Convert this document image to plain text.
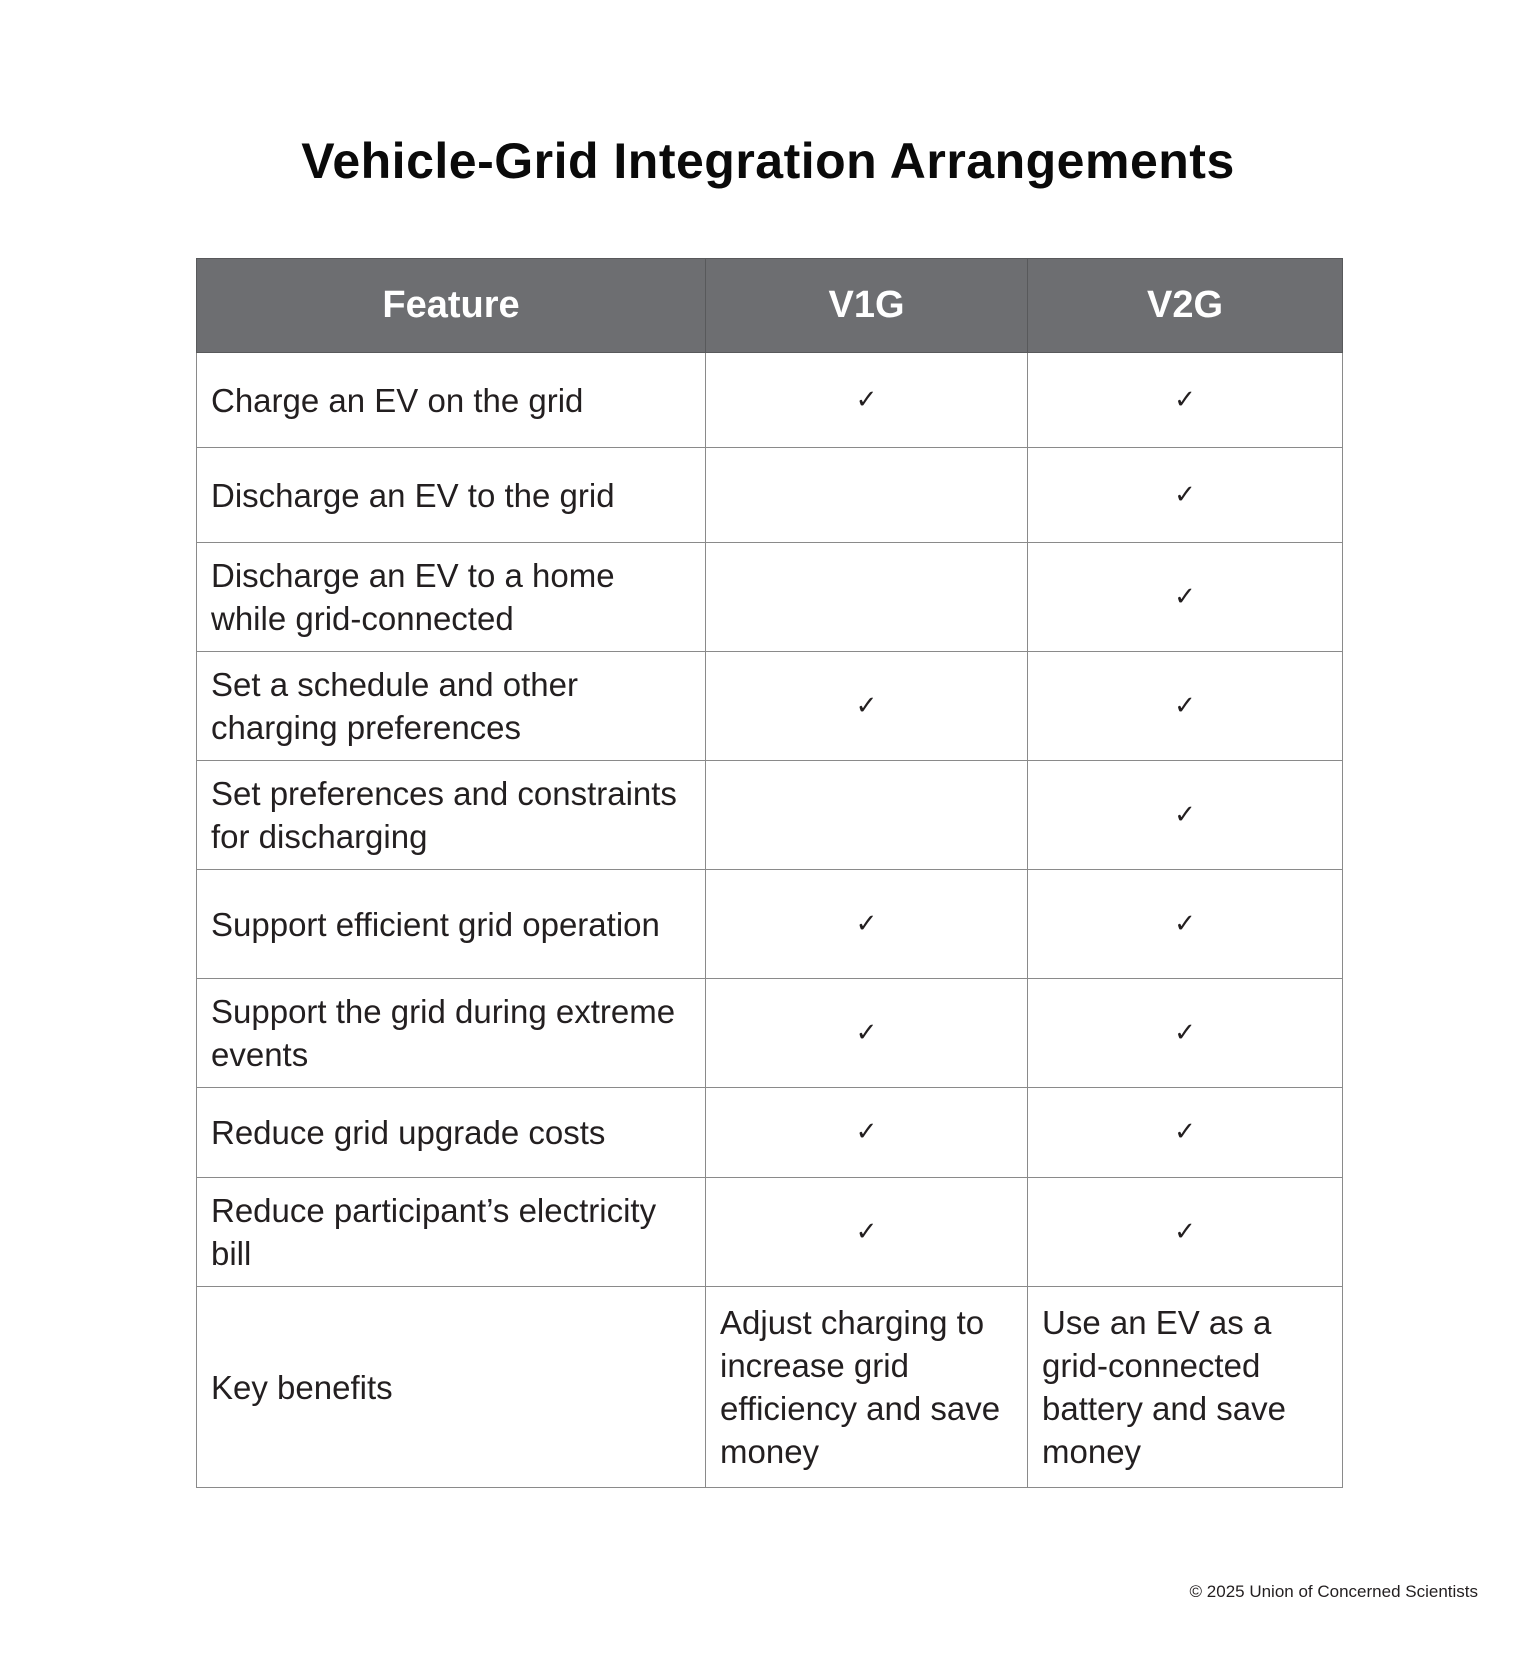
Vehicle-Grid Integration Arrangements
Feature	V1G	V2G
Charge an EV on the grid	✓	✓
Discharge an EV to the grid		✓
Discharge an EV to a home while grid-connected		✓
Set a schedule and other charging preferences	✓	✓
Set preferences and constraints for discharging		✓
Support efficient grid operation	✓	✓
Support the grid during extreme events	✓	✓
Reduce grid upgrade costs	✓	✓
Reduce participant’s electricity bill	✓	✓
Key benefits	Adjust charging to increase grid efficiency and save money	Use an EV as a grid-connected battery and save money
© 2025 Union of Concerned Scientists
